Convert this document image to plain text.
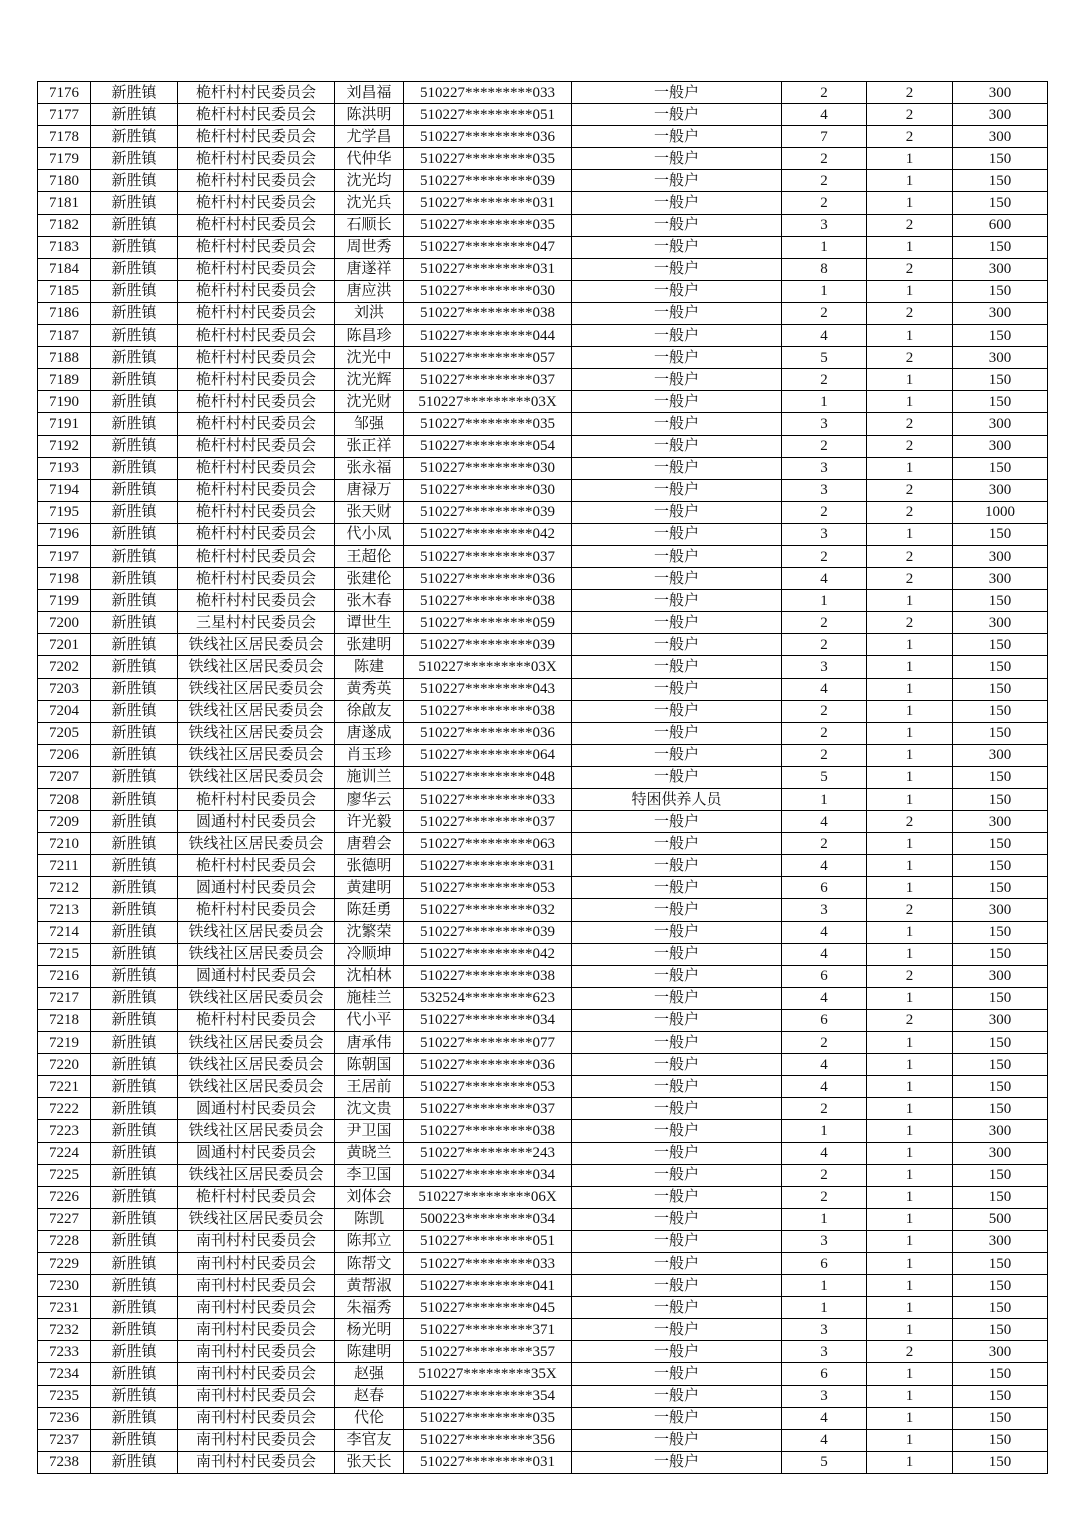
7176	新胜镇	桅杆村村民委员会	刘昌福	510227*********033	一般户	2	2	300
7177	新胜镇	桅杆村村民委员会	陈洪明	510227*********051	一般户	4	2	300
7178	新胜镇	桅杆村村民委员会	尤学昌	510227*********036	一般户	7	2	300
7179	新胜镇	桅杆村村民委员会	代仲华	510227*********035	一般户	2	1	150
7180	新胜镇	桅杆村村民委员会	沈光均	510227*********039	一般户	2	1	150
7181	新胜镇	桅杆村村民委员会	沈光兵	510227*********031	一般户	2	1	150
7182	新胜镇	桅杆村村民委员会	石顺长	510227*********035	一般户	3	2	600
7183	新胜镇	桅杆村村民委员会	周世秀	510227*********047	一般户	1	1	150
7184	新胜镇	桅杆村村民委员会	唐遂祥	510227*********031	一般户	8	2	300
7185	新胜镇	桅杆村村民委员会	唐应洪	510227*********030	一般户	1	1	150
7186	新胜镇	桅杆村村民委员会	刘洪	510227*********038	一般户	2	2	300
7187	新胜镇	桅杆村村民委员会	陈昌珍	510227*********044	一般户	4	1	150
7188	新胜镇	桅杆村村民委员会	沈光中	510227*********057	一般户	5	2	300
7189	新胜镇	桅杆村村民委员会	沈光辉	510227*********037	一般户	2	1	150
7190	新胜镇	桅杆村村民委员会	沈光财	510227*********03X	一般户	1	1	150
7191	新胜镇	桅杆村村民委员会	邹强	510227*********035	一般户	3	2	300
7192	新胜镇	桅杆村村民委员会	张正祥	510227*********054	一般户	2	2	300
7193	新胜镇	桅杆村村民委员会	张永福	510227*********030	一般户	3	1	150
7194	新胜镇	桅杆村村民委员会	唐禄万	510227*********030	一般户	3	2	300
7195	新胜镇	桅杆村村民委员会	张天财	510227*********039	一般户	2	2	1000
7196	新胜镇	桅杆村村民委员会	代小凤	510227*********042	一般户	3	1	150
7197	新胜镇	桅杆村村民委员会	王超伦	510227*********037	一般户	2	2	300
7198	新胜镇	桅杆村村民委员会	张建伦	510227*********036	一般户	4	2	300
7199	新胜镇	桅杆村村民委员会	张木春	510227*********038	一般户	1	1	150
7200	新胜镇	三星村村民委员会	谭世生	510227*********059	一般户	2	2	300
7201	新胜镇	铁线社区居民委员会	张建明	510227*********039	一般户	2	1	150
7202	新胜镇	铁线社区居民委员会	陈建	510227*********03X	一般户	3	1	150
7203	新胜镇	铁线社区居民委员会	黄秀英	510227*********043	一般户	4	1	150
7204	新胜镇	铁线社区居民委员会	徐啟友	510227*********038	一般户	2	1	150
7205	新胜镇	铁线社区居民委员会	唐遂成	510227*********036	一般户	2	1	150
7206	新胜镇	铁线社区居民委员会	肖玉珍	510227*********064	一般户	2	1	300
7207	新胜镇	铁线社区居民委员会	施训兰	510227*********048	一般户	5	1	150
7208	新胜镇	桅杆村村民委员会	廖华云	510227*********033	特困供养人员	1	1	150
7209	新胜镇	圆通村村民委员会	许光毅	510227*********037	一般户	4	2	300
7210	新胜镇	铁线社区居民委员会	唐碧会	510227*********063	一般户	2	1	150
7211	新胜镇	桅杆村村民委员会	张德明	510227*********031	一般户	4	1	150
7212	新胜镇	圆通村村民委员会	黄建明	510227*********053	一般户	6	1	150
7213	新胜镇	桅杆村村民委员会	陈廷勇	510227*********032	一般户	3	2	300
7214	新胜镇	铁线社区居民委员会	沈繁荣	510227*********039	一般户	4	1	150
7215	新胜镇	铁线社区居民委员会	冷顺坤	510227*********042	一般户	4	1	150
7216	新胜镇	圆通村村民委员会	沈柏林	510227*********038	一般户	6	2	300
7217	新胜镇	铁线社区居民委员会	施桂兰	532524*********623	一般户	4	1	150
7218	新胜镇	桅杆村村民委员会	代小平	510227*********034	一般户	6	2	300
7219	新胜镇	铁线社区居民委员会	唐承伟	510227*********077	一般户	2	1	150
7220	新胜镇	铁线社区居民委员会	陈朝国	510227*********036	一般户	4	1	150
7221	新胜镇	铁线社区居民委员会	王居前	510227*********053	一般户	4	1	150
7222	新胜镇	圆通村村民委员会	沈文贵	510227*********037	一般户	2	1	150
7223	新胜镇	铁线社区居民委员会	尹卫国	510227*********038	一般户	1	1	300
7224	新胜镇	圆通村村民委员会	黄晓兰	510227*********243	一般户	4	1	300
7225	新胜镇	铁线社区居民委员会	李卫国	510227*********034	一般户	2	1	150
7226	新胜镇	桅杆村村民委员会	刘体会	510227*********06X	一般户	2	1	150
7227	新胜镇	铁线社区居民委员会	陈凯	500223*********034	一般户	1	1	500
7228	新胜镇	南刊村村民委员会	陈邦立	510227*********051	一般户	3	1	300
7229	新胜镇	南刊村村民委员会	陈帮文	510227*********033	一般户	6	1	150
7230	新胜镇	南刊村村民委员会	黄帮淑	510227*********041	一般户	1	1	150
7231	新胜镇	南刊村村民委员会	朱福秀	510227*********045	一般户	1	1	150
7232	新胜镇	南刊村村民委员会	杨光明	510227*********371	一般户	3	1	150
7233	新胜镇	南刊村村民委员会	陈建明	510227*********357	一般户	3	2	300
7234	新胜镇	南刊村村民委员会	赵强	510227*********35X	一般户	6	1	150
7235	新胜镇	南刊村村民委员会	赵春	510227*********354	一般户	3	1	150
7236	新胜镇	南刊村村民委员会	代伦	510227*********035	一般户	4	1	150
7237	新胜镇	南刊村村民委员会	李官友	510227*********356	一般户	4	1	150
7238	新胜镇	南刊村村民委员会	张天长	510227*********031	一般户	5	1	150
